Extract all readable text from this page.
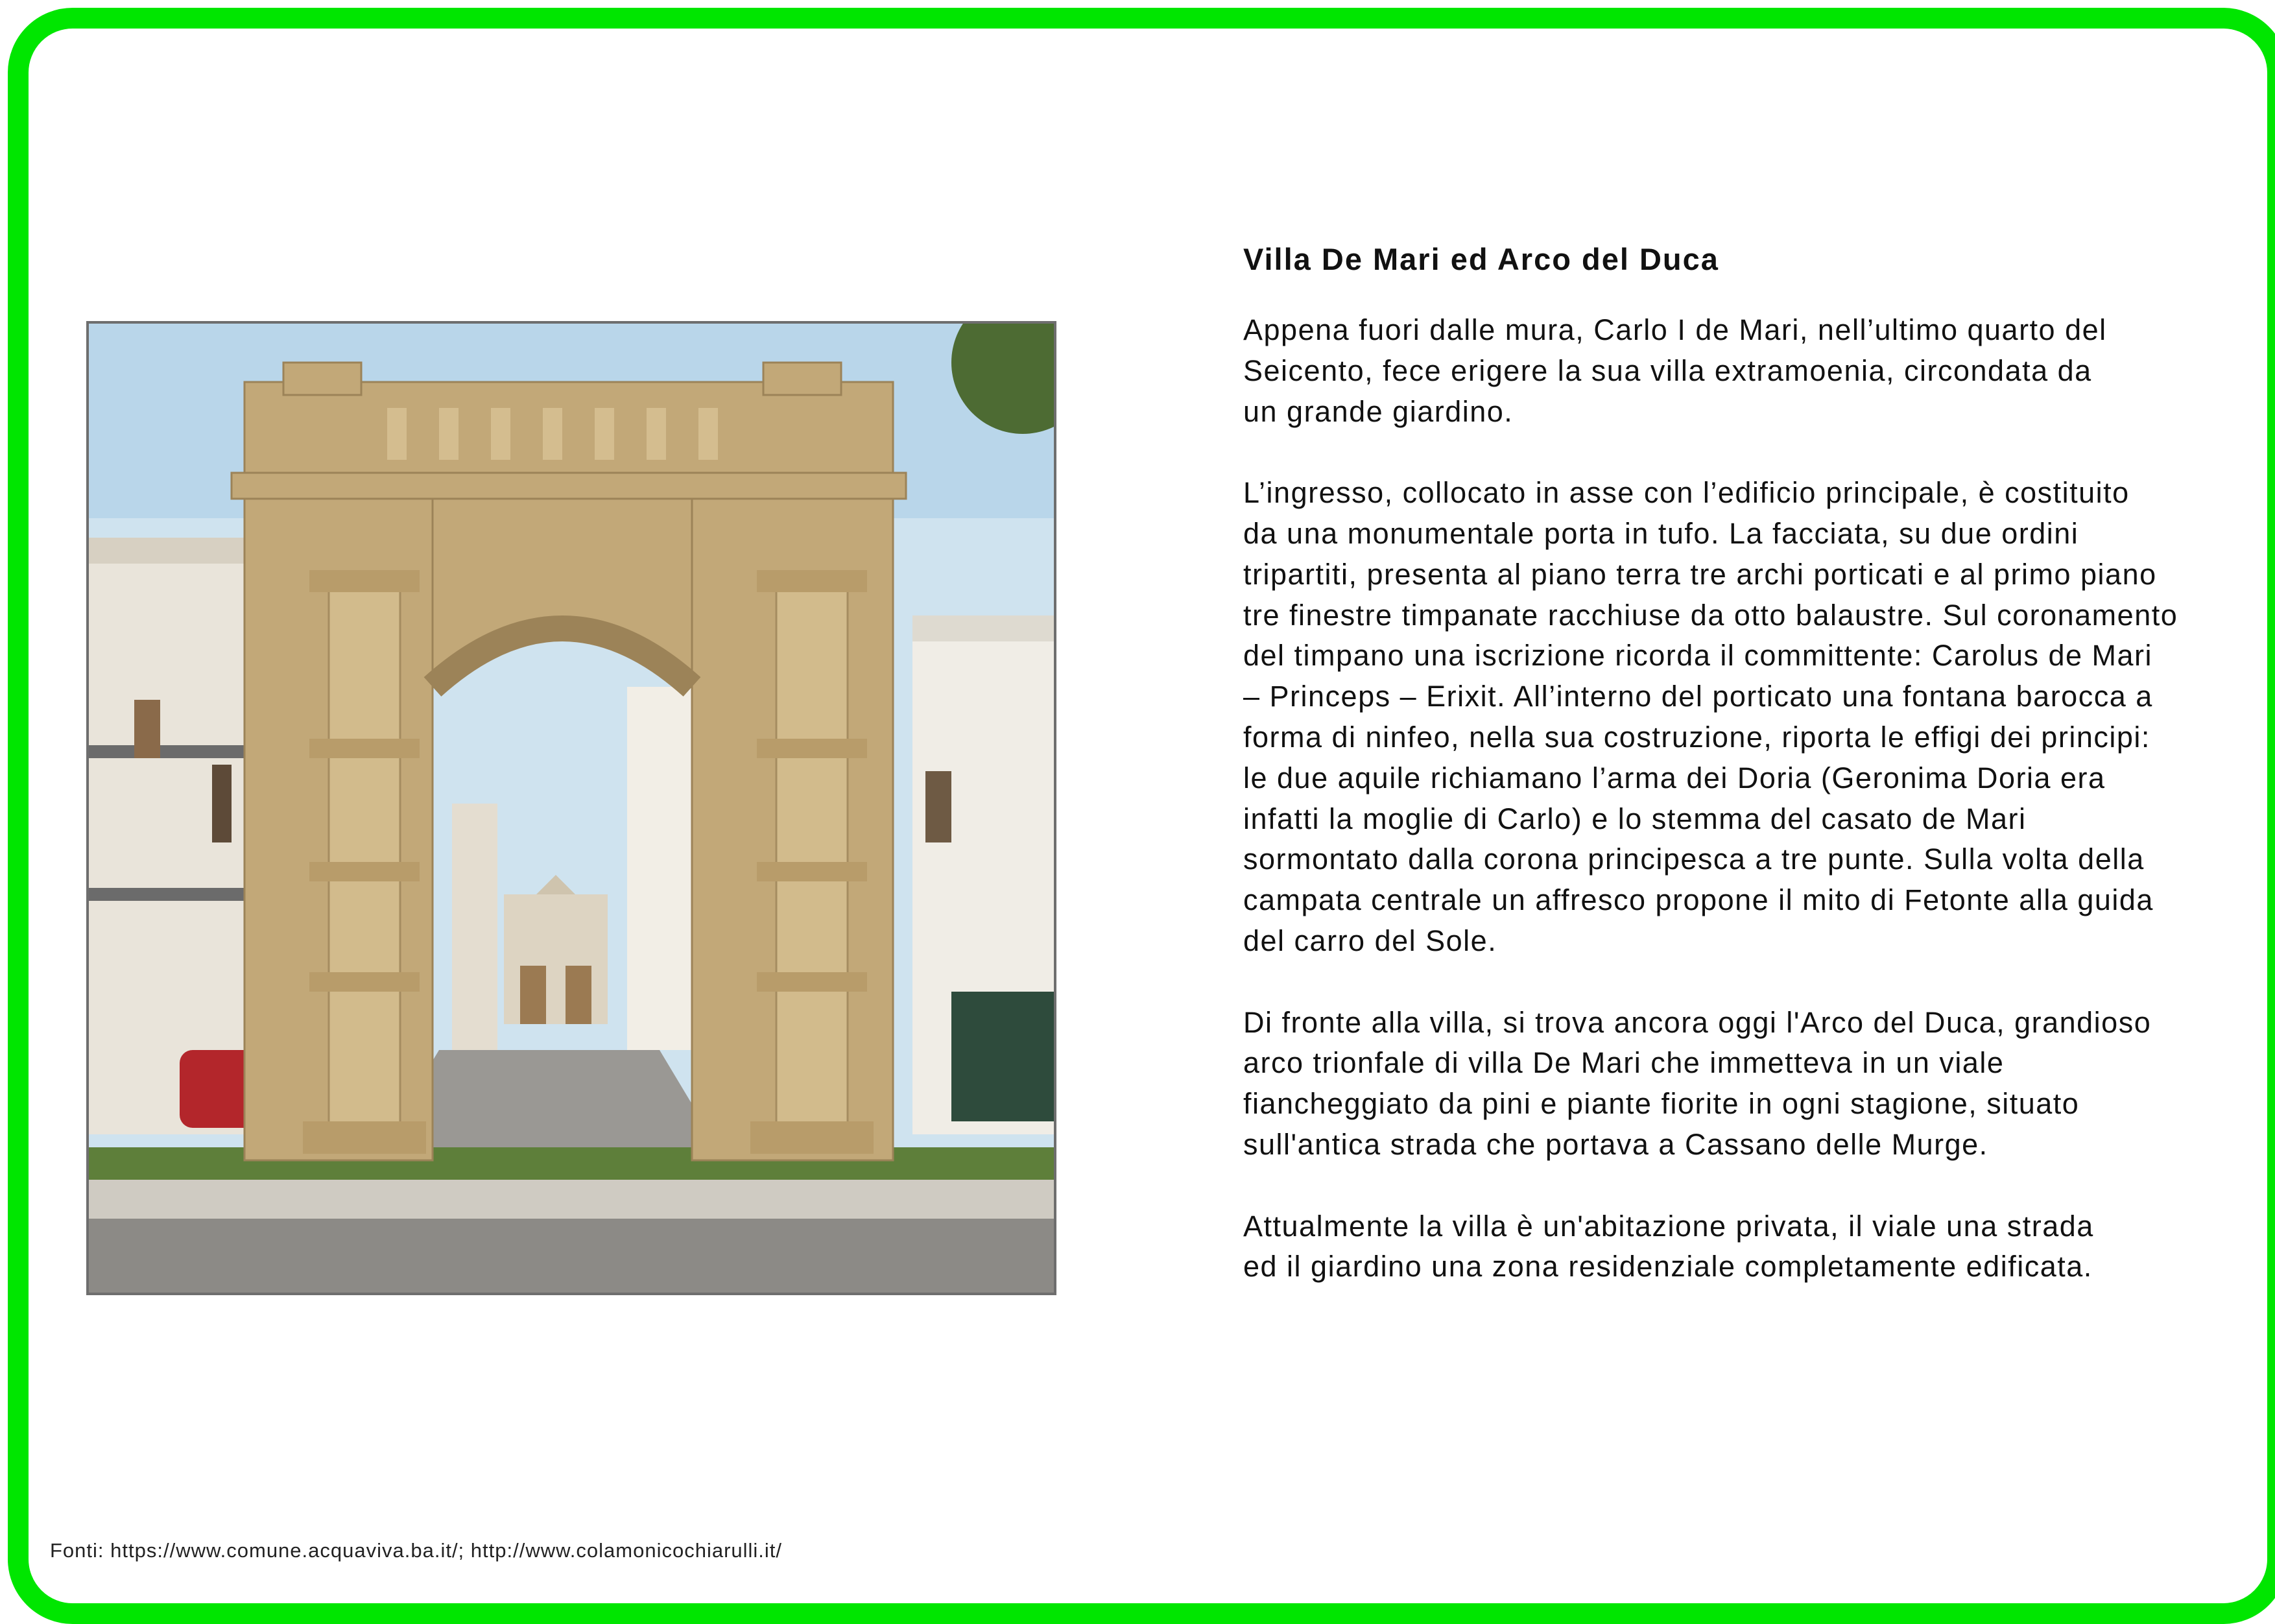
Villa De Mari ed Arco del Duca

Appena fuori dalle mura, Carlo I de Mari, nell’ultimo quarto del
Seicento, fece erigere la sua villa extramoenia, circondata da
un grande giardino.

L’ingresso, collocato in asse con l’edificio principale, è costituito
da una monumentale porta in tufo. La facciata, su due ordini
tripartiti, presenta al piano terra tre archi porticati e al primo piano
tre finestre timpanate racchiuse da otto balaustre. Sul coronamento
del timpano una iscrizione ricorda il committente: Carolus de Mari
– Princeps – Erixit. All’interno del porticato una fontana barocca a
forma di ninfeo, nella sua costruzione, riporta le effigi dei principi:
le due aquile richiamano l’arma dei Doria (Geronima Doria era
infatti la moglie di Carlo) e lo stemma del casato de Mari
sormontato dalla corona principesca a tre punte. Sulla volta della
campata centrale un affresco propone il mito di Fetonte alla guida
del carro del Sole.

Di fronte alla villa, si trova ancora oggi l'Arco del Duca, grandioso
arco trionfale di villa De Mari che immetteva in un viale
fiancheggiato da pini e piante fiorite in ogni stagione, situato
sull'antica strada che portava a Cassano delle Murge.

Attualmente la villa è un'abitazione privata, il viale una strada
ed il giardino una zona residenziale completamente edificata.

Fonti: https://www.comune.acquaviva.ba.it/; http://www.colamonicochiarulli.it/
